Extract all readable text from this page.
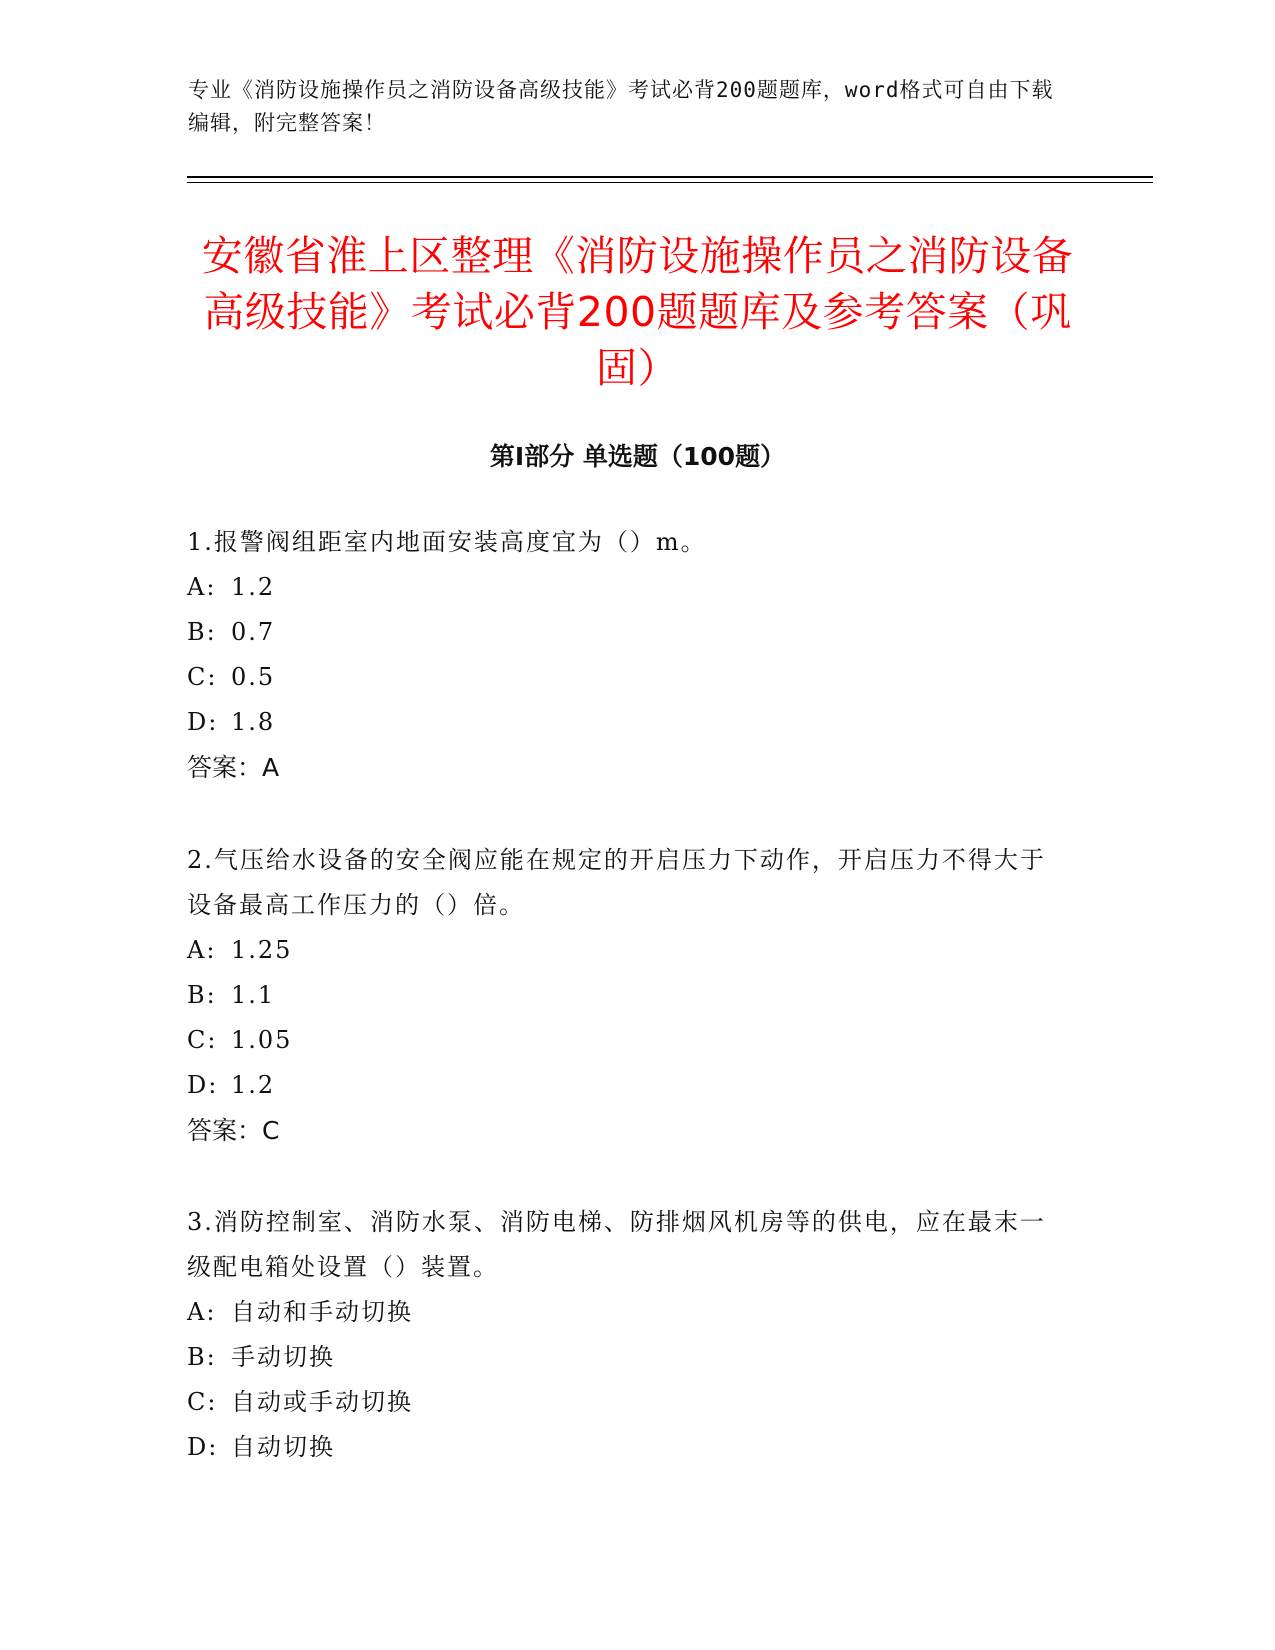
专业《消防设施操作员之消防设备高级技能》考试必背200题题库，word格式可自由下载编辑，附完整答案！
安徽省淮上区整理《消防设施操作员之消防设备高级技能》考试必背200题题库及参考答案（巩固）
第I部分 单选题（100题）
1.报警阀组距室内地面安装高度宜为（）m。
A: 1.2
B: 0.7
C: 0.5
D: 1.8
答案：A
2.气压给水设备的安全阀应能在规定的开启压力下动作，开启压力不得大于设备最高工作压力的（）倍。
A: 1.25
B: 1.1
C: 1.05
D: 1.2
答案：C
3.消防控制室、消防水泵、消防电梯、防排烟风机房等的供电，应在最末一级配电箱处设置（）装置。
A: 自动和手动切换
B: 手动切换
C: 自动或手动切换
D: 自动切换
